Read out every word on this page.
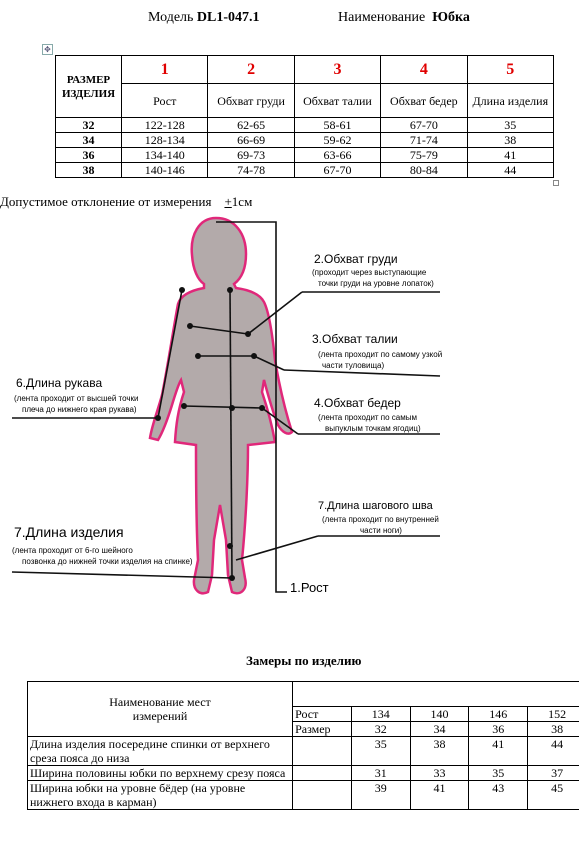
Модель DL1-047.1	Наименование Юбка
✥
РАЗМЕР ИЗДЕЛИЯ	1	2	3	4	5
	Рост	Обхват груди	Обхват талии	Обхват бедер	Длина изделия
32	122-128	62-65	58-61	67-70	35
34	128-134	66-69	59-62	71-74	38
36	134-140	69-73	63-66	75-79	41
38	140-146	74-78	67-70	80-84	44
Допустимое отклонение от измерения +1см
2.Обхват груди
(проходит через выступающие
точки груди на уровне лопаток)
3.Обхват талии
(лента проходит по самому узкой
части туловища)
4.Обхват бедер
(лента проходит по самым
выпуклым точкам ягодиц)
6.Длина рукава
(лента проходит от высшей точки
плеча до нижнего края рукава)
7.Длина шагового шва
(лента проходит по внутренней
части ноги)
7.Длина изделия
(лента проходит от 6-го шейного
позвонка до нижней точки изделия на спинке)
1.Рост
Замеры по изделию
Наименование мест измерений					

	Рост	134	140	146	152
	Размер	32	34	36	38
Длина изделия посередине спинки от верхнего среза пояса до низа		35	38	41	44
Ширина половины юбки по верхнему срезу пояса		31	33	35	37
Ширина юбки на уровне бёдер (на уровне нижнего входа в карман)		39	41	43	45
